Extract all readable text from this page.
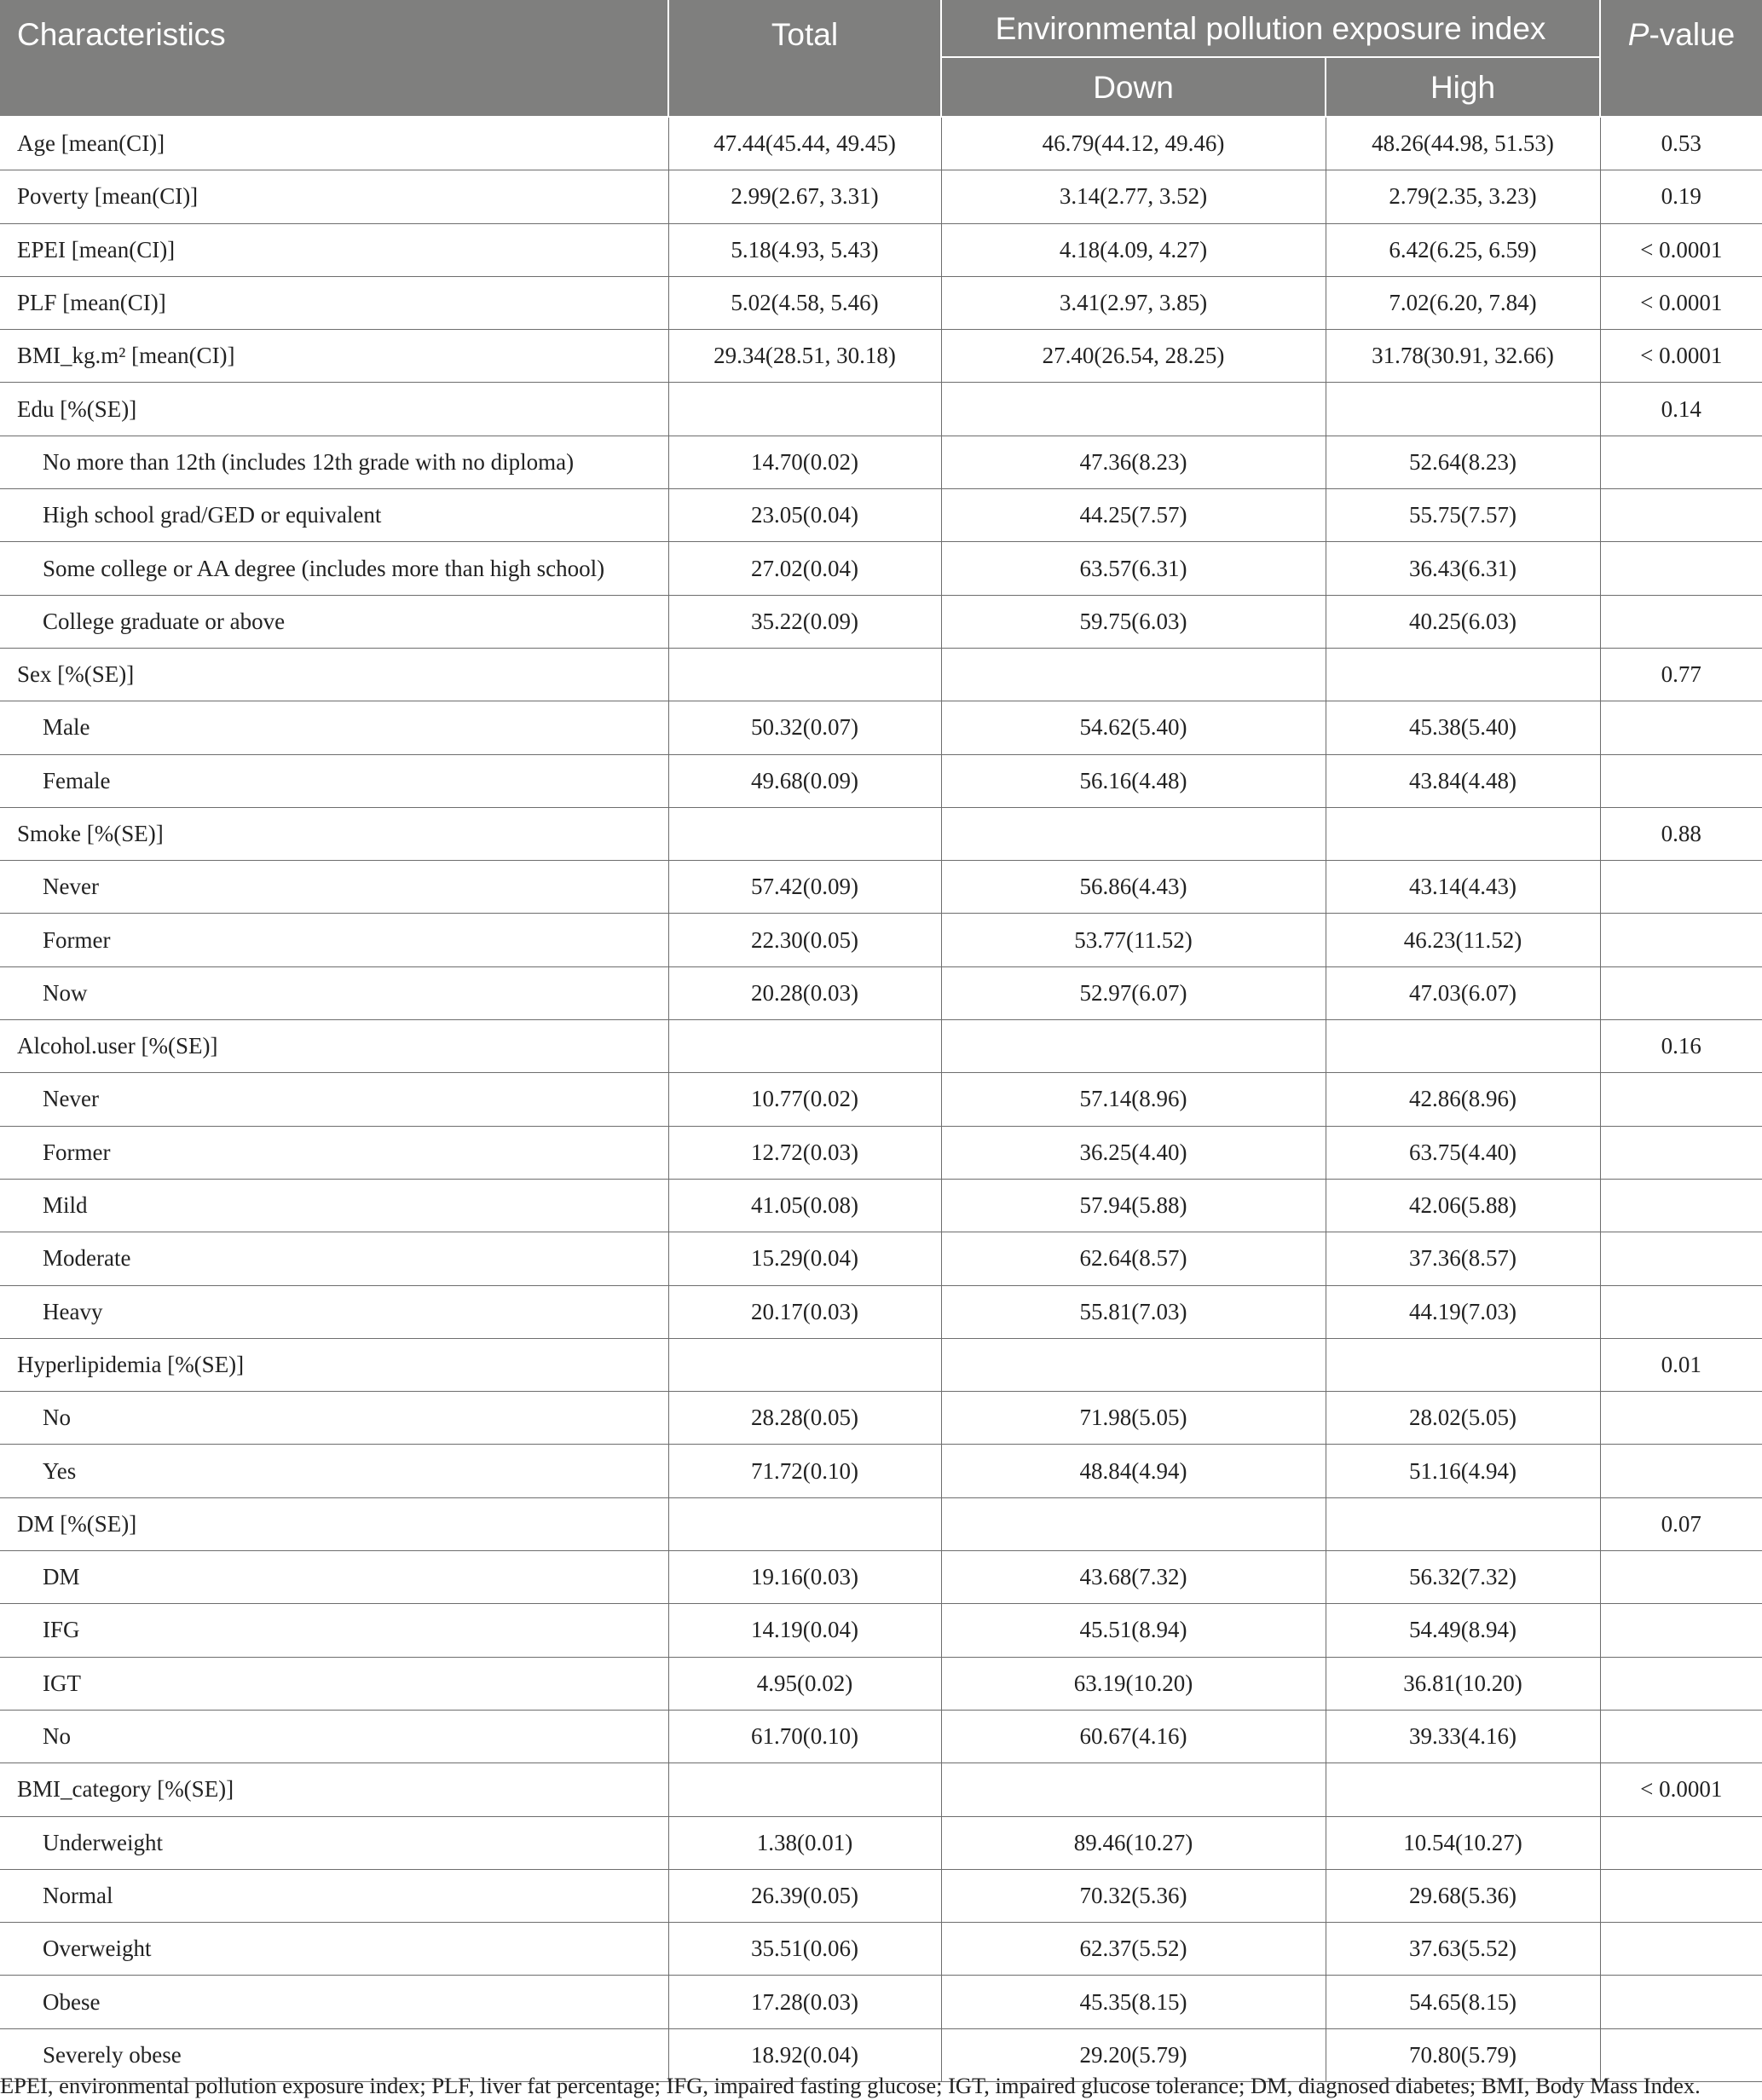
Characteristics	Total	Environmental pollution exposure index		P-value
		Down	High	
Age [mean(CI)]	47.44(45.44, 49.45)	46.79(44.12, 49.46)	48.26(44.98, 51.53)	0.53
Poverty [mean(CI)]	2.99(2.67, 3.31)	3.14(2.77, 3.52)	2.79(2.35, 3.23)	0.19
EPEI [mean(CI)]	5.18(4.93, 5.43)	4.18(4.09, 4.27)	6.42(6.25, 6.59)	< 0.0001
PLF [mean(CI)]	5.02(4.58, 5.46)	3.41(2.97, 3.85)	7.02(6.20, 7.84)	< 0.0001
BMI_kg.m² [mean(CI)]	29.34(28.51, 30.18)	27.40(26.54, 28.25)	31.78(30.91, 32.66)	< 0.0001
Edu [%(SE)]				0.14
No more than 12th (includes 12th grade with no diploma)	14.70(0.02)	47.36(8.23)	52.64(8.23)	
High school grad/GED or equivalent	23.05(0.04)	44.25(7.57)	55.75(7.57)	
Some college or AA degree (includes more than high school)	27.02(0.04)	63.57(6.31)	36.43(6.31)	
College graduate or above	35.22(0.09)	59.75(6.03)	40.25(6.03)	
Sex [%(SE)]				0.77
Male	50.32(0.07)	54.62(5.40)	45.38(5.40)	
Female	49.68(0.09)	56.16(4.48)	43.84(4.48)	
Smoke [%(SE)]				0.88
Never	57.42(0.09)	56.86(4.43)	43.14(4.43)	
Former	22.30(0.05)	53.77(11.52)	46.23(11.52)	
Now	20.28(0.03)	52.97(6.07)	47.03(6.07)	
Alcohol.user [%(SE)]				0.16
Never	10.77(0.02)	57.14(8.96)	42.86(8.96)	
Former	12.72(0.03)	36.25(4.40)	63.75(4.40)	
Mild	41.05(0.08)	57.94(5.88)	42.06(5.88)	
Moderate	15.29(0.04)	62.64(8.57)	37.36(8.57)	
Heavy	20.17(0.03)	55.81(7.03)	44.19(7.03)	
Hyperlipidemia [%(SE)]				0.01
No	28.28(0.05)	71.98(5.05)	28.02(5.05)	
Yes	71.72(0.10)	48.84(4.94)	51.16(4.94)	
DM [%(SE)]				0.07
DM	19.16(0.03)	43.68(7.32)	56.32(7.32)	
IFG	14.19(0.04)	45.51(8.94)	54.49(8.94)	
IGT	4.95(0.02)	63.19(10.20)	36.81(10.20)	
No	61.70(0.10)	60.67(4.16)	39.33(4.16)	
BMI_category [%(SE)]				< 0.0001
Underweight	1.38(0.01)	89.46(10.27)	10.54(10.27)	
Normal	26.39(0.05)	70.32(5.36)	29.68(5.36)	
Overweight	35.51(0.06)	62.37(5.52)	37.63(5.52)	
Obese	17.28(0.03)	45.35(8.15)	54.65(8.15)	
Severely obese	18.92(0.04)	29.20(5.79)	70.80(5.79)	
EPEI, environmental pollution exposure index; PLF, liver fat percentage; IFG, impaired fasting glucose; IGT, impaired glucose tolerance; DM, diagnosed diabetes; BMI, Body Mass Index.
